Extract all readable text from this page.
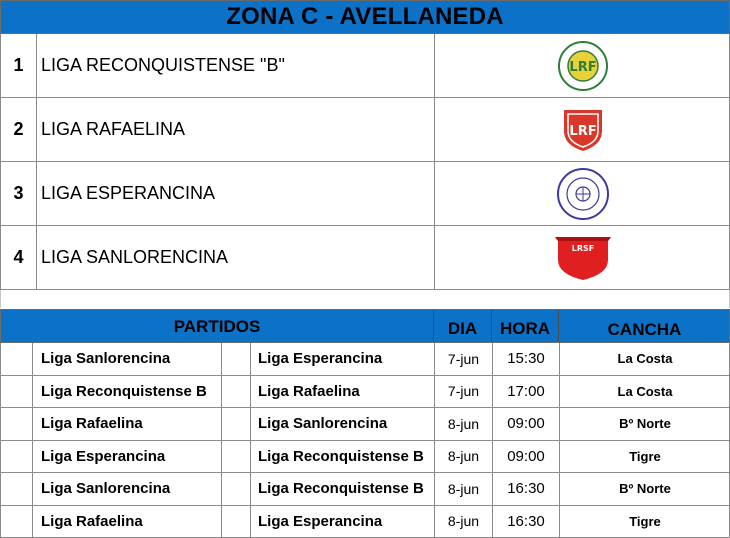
ZONA C - AVELLANEDA
1 LIGA RECONQUISTENSE "B"	LRF
2 LIGA RAFAELINA	LRF
3 LIGA ESPERANCINA
4 LIGA SANLORENCINA	LRSF
PARTIDOS	DIA	HORA	CANCHA
Liga Sanlorencina	Liga Esperancina	7-jun	15:30	La Costa
Liga Reconquistense B	Liga Rafaelina	7-jun	17:00	La Costa
Liga Rafaelina	Liga Sanlorencina	8-jun	09:00	Bº Norte
Liga Esperancina	Liga Reconquistense B	8-jun	09:00	Tigre
Liga Sanlorencina	Liga Reconquistense B	8-jun	16:30	Bº Norte
Liga Rafaelina	Liga Esperancina	8-jun	16:30	Tigre
